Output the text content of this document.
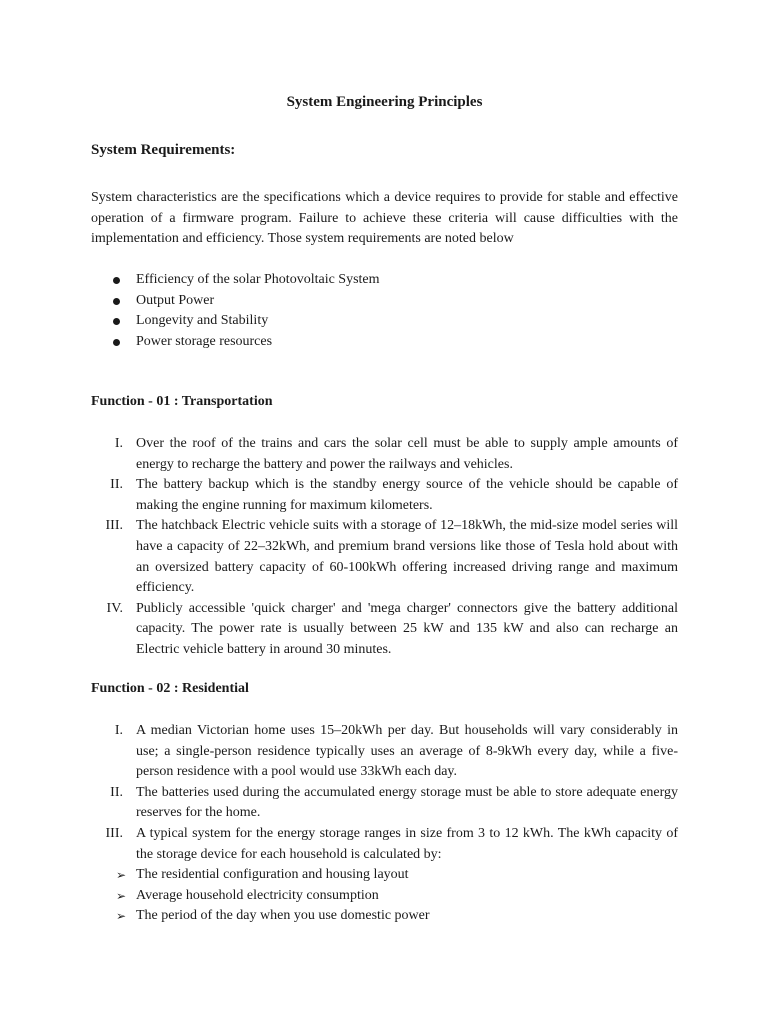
System Engineering Principles
System Requirements:

System characteristics are the specifications which a device requires to provide for stable and effective operation of a firmware program. Failure to achieve these criteria will cause difficulties with the implementation and efficiency. Those system requirements are noted below

Efficiency of the solar Photovoltaic System
Output Power
Longevity and Stability
Power storage resources
Function - 01 : Transportation
I. Over the roof of the trains and cars the solar cell must be able to supply ample amounts of energy to recharge the battery and power the railways and vehicles.
II. The battery backup which is the standby energy source of the vehicle should be capable of making the engine running for maximum kilometers.
III. The hatchback Electric vehicle suits with a storage of 12–18kWh, the mid-size model series will have a capacity of 22–32kWh, and premium brand versions like those of Tesla hold about with an oversized battery capacity of 60-100kWh offering increased driving range and maximum efficiency.
IV. Publicly accessible 'quick charger' and 'mega charger' connectors give the battery additional capacity. The power rate is usually between 25 kW and 135 kW and also can recharge an Electric vehicle battery in around 30 minutes.
Function - 02 : Residential
I. A median Victorian home uses 15–20kWh per day. But households will vary considerably in use; a single-person residence typically uses an average of 8-9kWh every day, while a five-person residence with a pool would use 33kWh each day.
II. The batteries used during the accumulated energy storage must be able to store adequate energy reserves for the home.
III. A typical system for the energy storage ranges in size from 3 to 12 kWh. The kWh capacity of the storage device for each household is calculated by:
➢ The residential configuration and housing layout
➢ Average household electricity consumption
➢ The period of the day when you use domestic power
